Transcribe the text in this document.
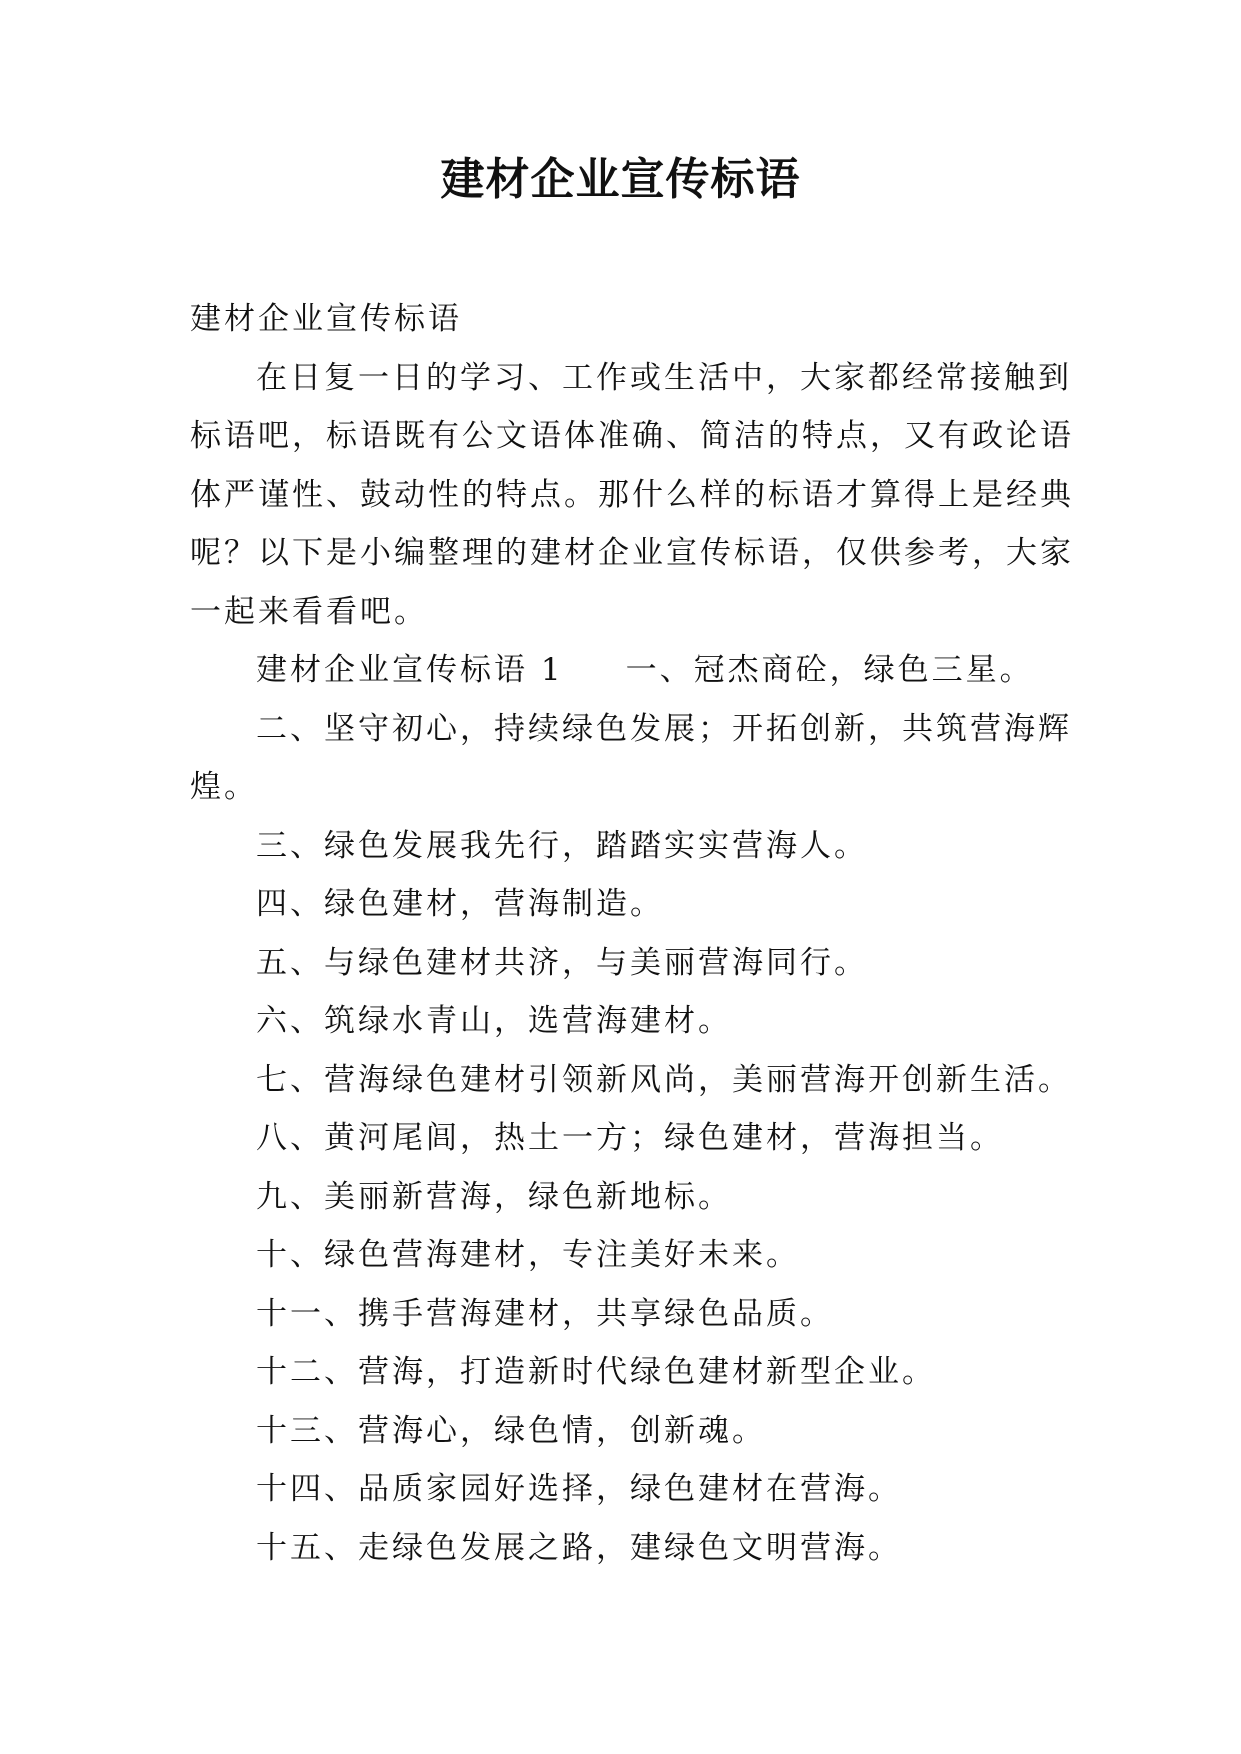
建材企业宣传标语

建材企业宣传标语

在日复一日的学习、工作或生活中，大家都经常接触到

标语吧，标语既有公文语体准确、简洁的特点，又有政论语

体严谨性、鼓动性的特点。那什么样的标语才算得上是经典

呢？以下是小编整理的建材企业宣传标语，仅供参考，大家

一起来看看吧。

建材企业宣传标语 1 一、冠杰商砼，绿色三星。

二、坚守初心，持续绿色发展；开拓创新，共筑营海辉

煌。

三、绿色发展我先行，踏踏实实营海人。

四、绿色建材，营海制造。

五、与绿色建材共济，与美丽营海同行。

六、筑绿水青山，选营海建材。

七、营海绿色建材引领新风尚，美丽营海开创新生活。

八、黄河尾闾，热土一方；绿色建材，营海担当。

九、美丽新营海，绿色新地标。

十、绿色营海建材，专注美好未来。

十一、携手营海建材，共享绿色品质。

十二、营海，打造新时代绿色建材新型企业。

十三、营海心，绿色情，创新魂。

十四、品质家园好选择，绿色建材在营海。

十五、走绿色发展之路，建绿色文明营海。
